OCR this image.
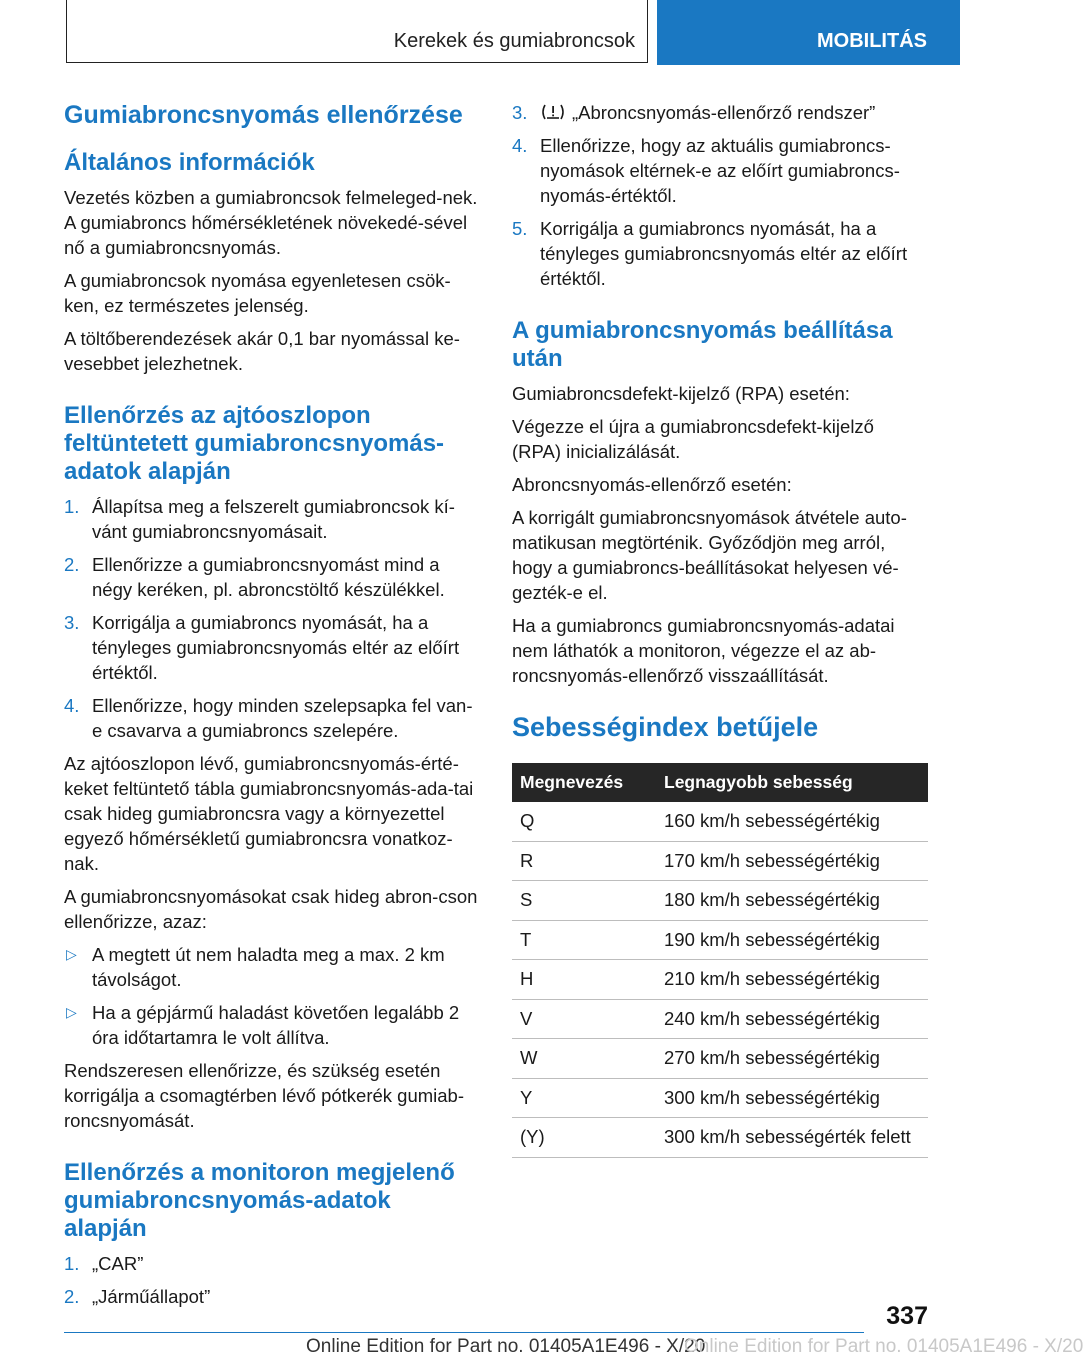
Kerekek és gumiabroncsok	MOBILITÁS
Gumiabroncsnyomás ellenőrzése
Általános információk

Vezetés közben a gumiabroncsok felmeleged-nek. A gumiabroncs hőmérsékletének növekedé-sével nő a gumiabroncsnyomás.

A gumiabroncsok nyomása egyenletesen csök-ken, ez természetes jelenség.

A töltőberendezések akár 0,1 bar nyomással ke-vesebbet jelezhetnek.

Ellenőrzés az ajtóoszlopon feltüntetett gumiabroncsnyomás-adatok alapján
1. Állapítsa meg a felszerelt gumiabroncsok kí-vánt gumiabroncsnyomásait.
2. Ellenőrizze a gumiabroncsnyomást mind a négy keréken, pl. abroncstöltő készülékkel.
3. Korrigálja a gumiabroncs nyomását, ha a tényleges gumiabroncsnyomás eltér az előírt értéktől.
4. Ellenőrizze, hogy minden szelepsapka fel van-e csavarva a gumiabroncs szelepére.

Az ajtóoszlopon lévő, gumiabroncsnyomás-érté-keket feltüntető tábla gumiabroncsnyomás-ada-tai csak hideg gumiabroncsra vagy a környezettel egyező hőmérsékletű gumiabroncsra vonatkoz-nak.

A gumiabroncsnyomásokat csak hideg abron-cson ellenőrizze, azaz:

▷ A megtett út nem haladta meg a max. 2 km távolságot.
▷ Ha a gépjármű haladást követően legalább 2 óra időtartamra le volt állítva.

Rendszeresen ellenőrizze, és szükség esetén korrigálja a csomagtérben lévő pótkerék gumiab-roncsnyomását.

Ellenőrzés a monitoron megjelenő gumiabroncsnyomás-adatok alapján
1. „CAR”
2. „Járműállapot”
3. „Abroncsnyomás-ellenőrző rendszer”
4. Ellenőrizze, hogy az aktuális gumiabroncs-nyomások eltérnek-e az előírt gumiabroncs-nyomás-értéktől.
5. Korrigálja a gumiabroncs nyomását, ha a tényleges gumiabroncsnyomás eltér az előírt értéktől.
A gumiabroncsnyomás beállítása után

Gumiabroncsdefekt-kijelző (RPA) esetén:

Végezze el újra a gumiabroncsdefekt-kijelző (RPA) inicializálását.

Abroncsnyomás-ellenőrző esetén:

A korrigált gumiabroncsnyomások átvétele auto-matikusan megtörténik. Győződjön meg arról, hogy a gumiabroncs-beállításokat helyesen vé-gezték-e el.

Ha a gumiabroncs gumiabroncsnyomás-adatai nem láthatók a monitoron, végezze el az ab-roncsnyomás-ellenőrző visszaállítását.

Sebességindex betűjele
Megnevezés	Legnagyobb sebesség
Q	160 km/h sebességértékig
R	170 km/h sebességértékig
S	180 km/h sebességértékig
T	190 km/h sebességértékig
H	210 km/h sebességértékig
V	240 km/h sebességértékig
W	270 km/h sebességértékig
Y	300 km/h sebességértékig
(Y)	300 km/h sebességérték felett
337
Online Edition for Part no. 01405A1E496 - X/20
Online Edition for Part no. 01405A1E496 - X/20
